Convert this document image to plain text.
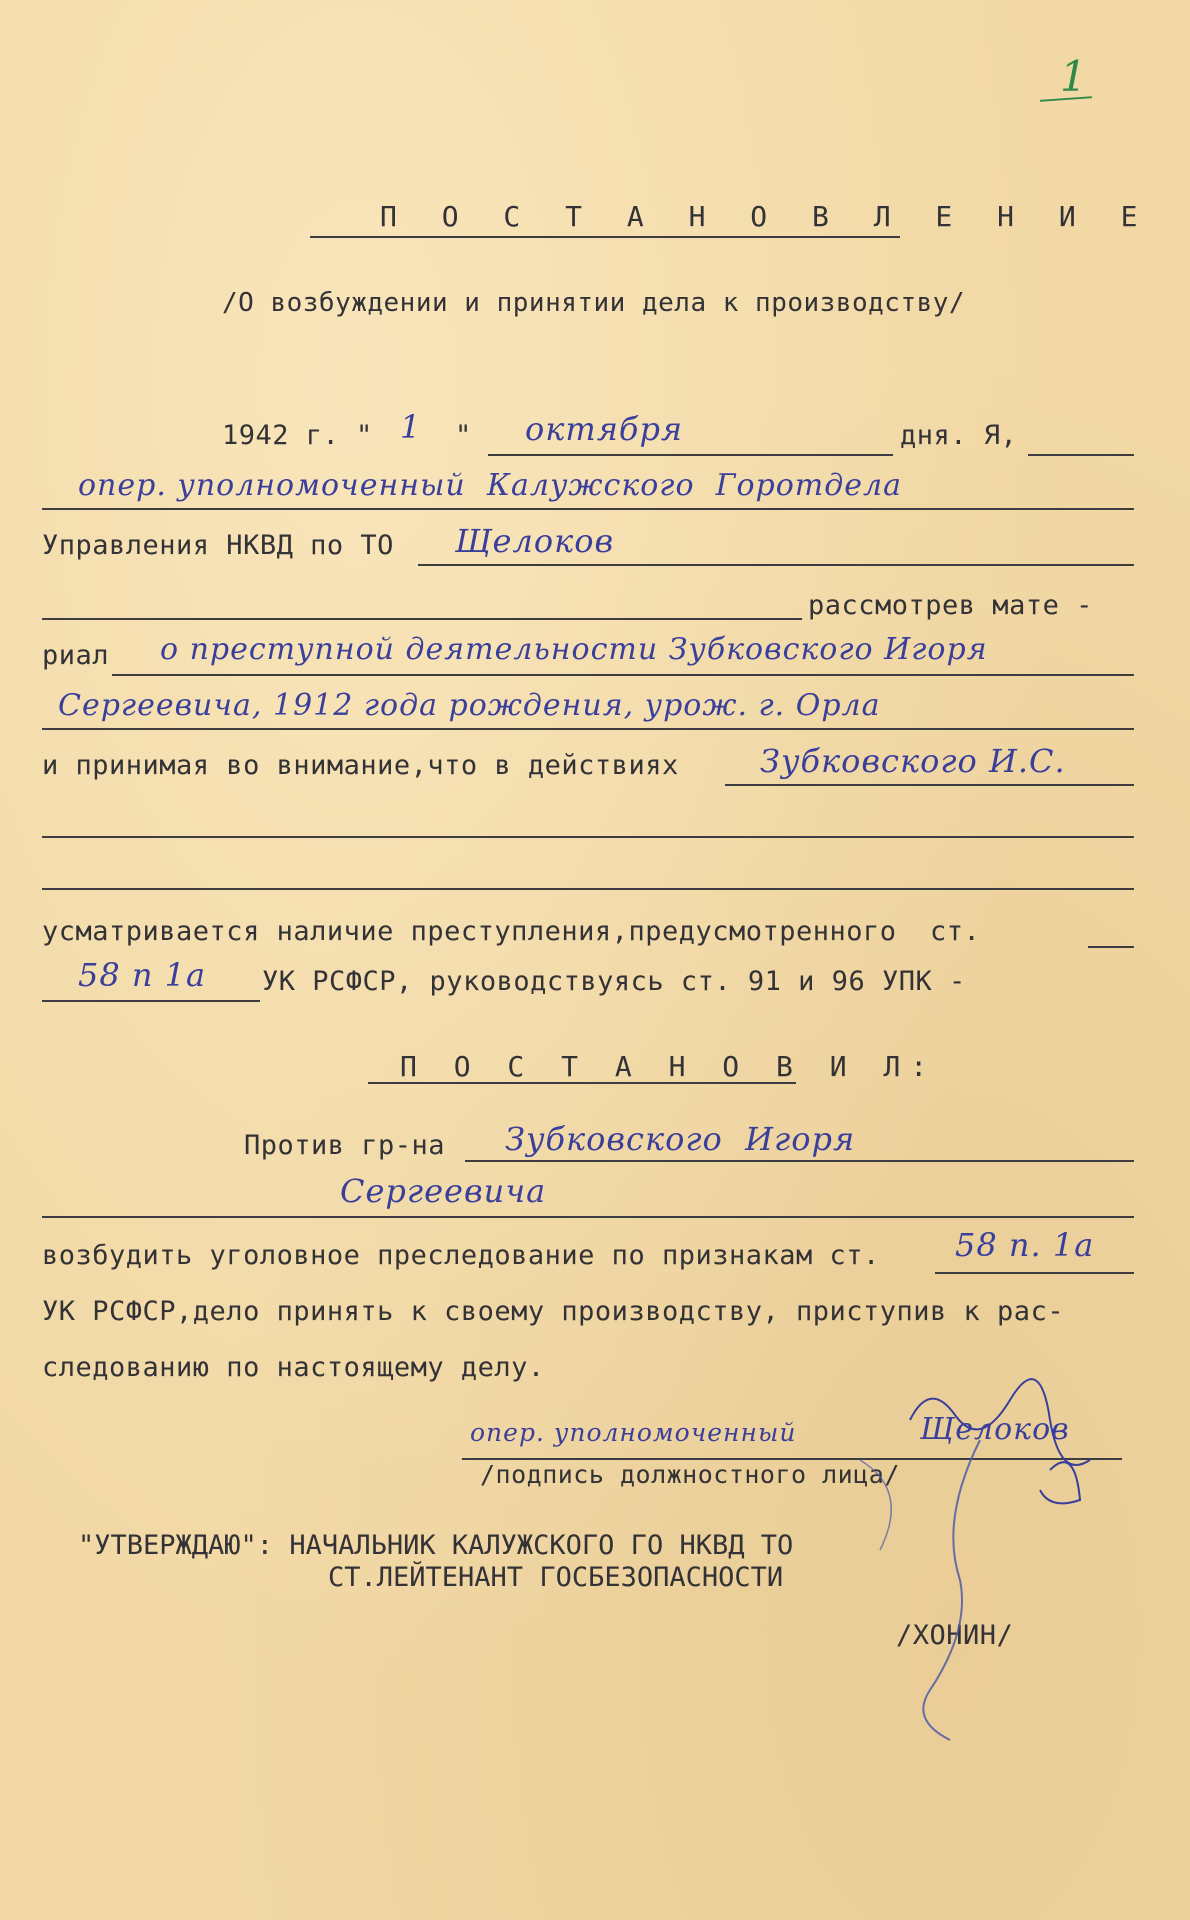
1
П О С Т А Н О В Л Е Н И Е
/О возбуждении и принятии дела к производству/
1942 г. " 1 " октября	дня. Я,
опер. уполномоченный  Калужского  Горотдела
Управления НКВД по ТО Щелоков
рассмотрев мате -
риал о преступной деятельности Зубковского Игоря
Сергеевича, 1912 года рождения, урож. г. Орла
и принимая во внимание,что в действиях	Зубковского И.С.
усматривается наличие преступления,предусмотренного  ст.
58 п 1а УК РСФСР, руководствуясь ст. 91 и 96 УПК -
П О С Т А Н О В И Л:
Против гр-на Зубковского  Игоря
Сергеевича
возбудить уголовное преследование по признакам ст. 58 п. 1а
УК РСФСР,дело принять к своему производству, приступив к рас-
следованию по настоящему делу.
опер. уполномоченный	Щелоков
/подпись должностного лица/
"УТВЕРЖДАЮ": НАЧАЛЬНИК КАЛУЖСКОГО ГО НКВД ТО
СТ.ЛЕЙТЕНАНТ ГОСБЕЗОПАСНОСТИ
/ХОНИН/
